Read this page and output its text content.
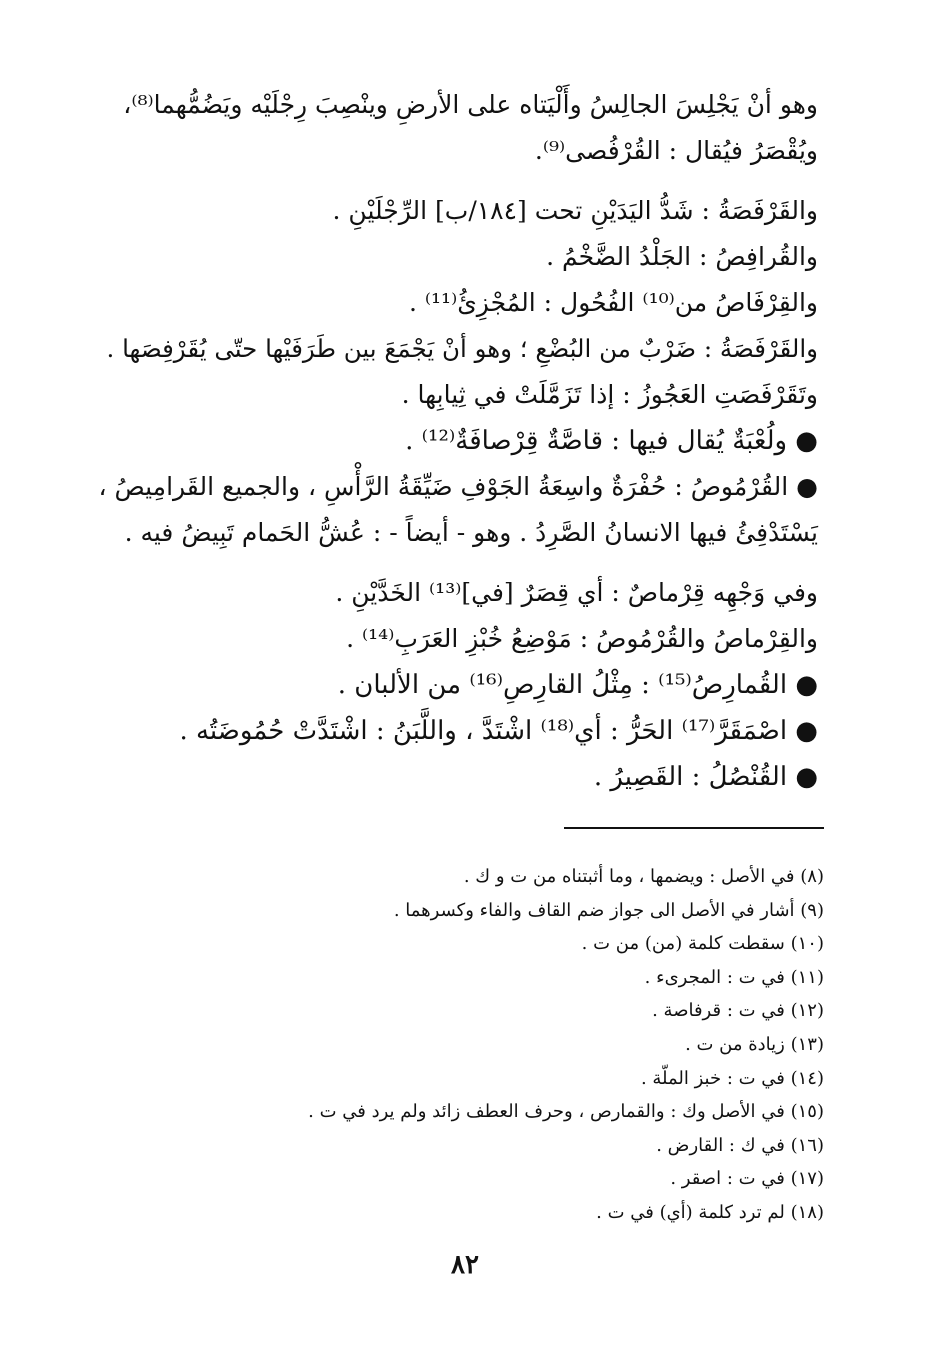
وهو أنْ يَجْلِسَ الجالِسُ وأَلْيَتاه على الأرضِ وينْصِبَ رِجْلَيْه ويَضُمُّهما⁽⁸⁾،
ويُقْصَرُ فيُقال : القُرْفُصى⁽⁹⁾.
والقَرْفَصَةُ : شَدُّ اليَدَيْنِ تحت [١٨٤/ب] الرِّجْلَيْنِ .
والقُرافِصُ : الجَلْدُ الضَّخْمُ .
والقِرْفَاصُ من⁽¹⁰⁾ الفُحُول : المُجْزِئُ⁽¹¹⁾ .
والقَرْفَصَةُ : ضَرْبٌ من البُضْعِ ؛ وهو أنْ يَجْمَعَ بين طَرَفَيْها حتّى يُقَرْفِصَها .
وتَقَرْفَصَتِ العَجُوزُ : إذا تَزَمَّلَتْ في ثِيابِها .
● ولُعْبَةٌ يُقال فيها : قاصَّةٌ قِرْصافَةٌ⁽¹²⁾ .
● القُرْمُوصُ : حُفْرَةٌ واسِعَةُ الجَوْفِ ضَيِّقَةُ الرَّأْسِ ، والجميع القَرامِيصُ ،
يَسْتَدْفِئُ فيها الانسانُ الصَّرِدُ . وهو - أيضاً - : عُشُّ الحَمام تَبِيضُ فيه .
وفي وَجْهِه قِرْماصٌ : أي قِصَرٌ [في]⁽¹³⁾ الخَدَّيْنِ .
والقِرْماصُ والقُرْمُوصُ : مَوْضِعُ خُبْزِ العَرَبِ⁽¹⁴⁾ .
● القُمارِصُ⁽¹⁵⁾ : مِثْلُ القارِصِ⁽¹⁶⁾ من الألبان .
● اصْمَقَرَّ⁽¹⁷⁾ الحَرُّ : أي⁽¹⁸⁾ اشْتَدَّ ، واللَّبَنُ : اشْتَدَّتْ حُمُوضَتُه .
● القُنْصُلُ : القَصِيرُ .
(٨) في الأصل : ويضمها ، وما أثبتناه من ت و ك .
(٩) أشار في الأصل الى جواز ضم القاف والفاء وكسرهما .
(١٠) سقطت كلمة (من) من ت .
(١١) في ت : المجرىء .
(١٢) في ت : قرفاصة .
(١٣) زيادة من ت .
(١٤) في ت : خبز الملّة .
(١٥) في الأصل وك : والقمارص ، وحرف العطف زائد ولم يرد في ت .
(١٦) في ك : القارض .
(١٧) في ت : اصقر .
(١٨) لم ترد كلمة (أي) في ت .
٨٢
